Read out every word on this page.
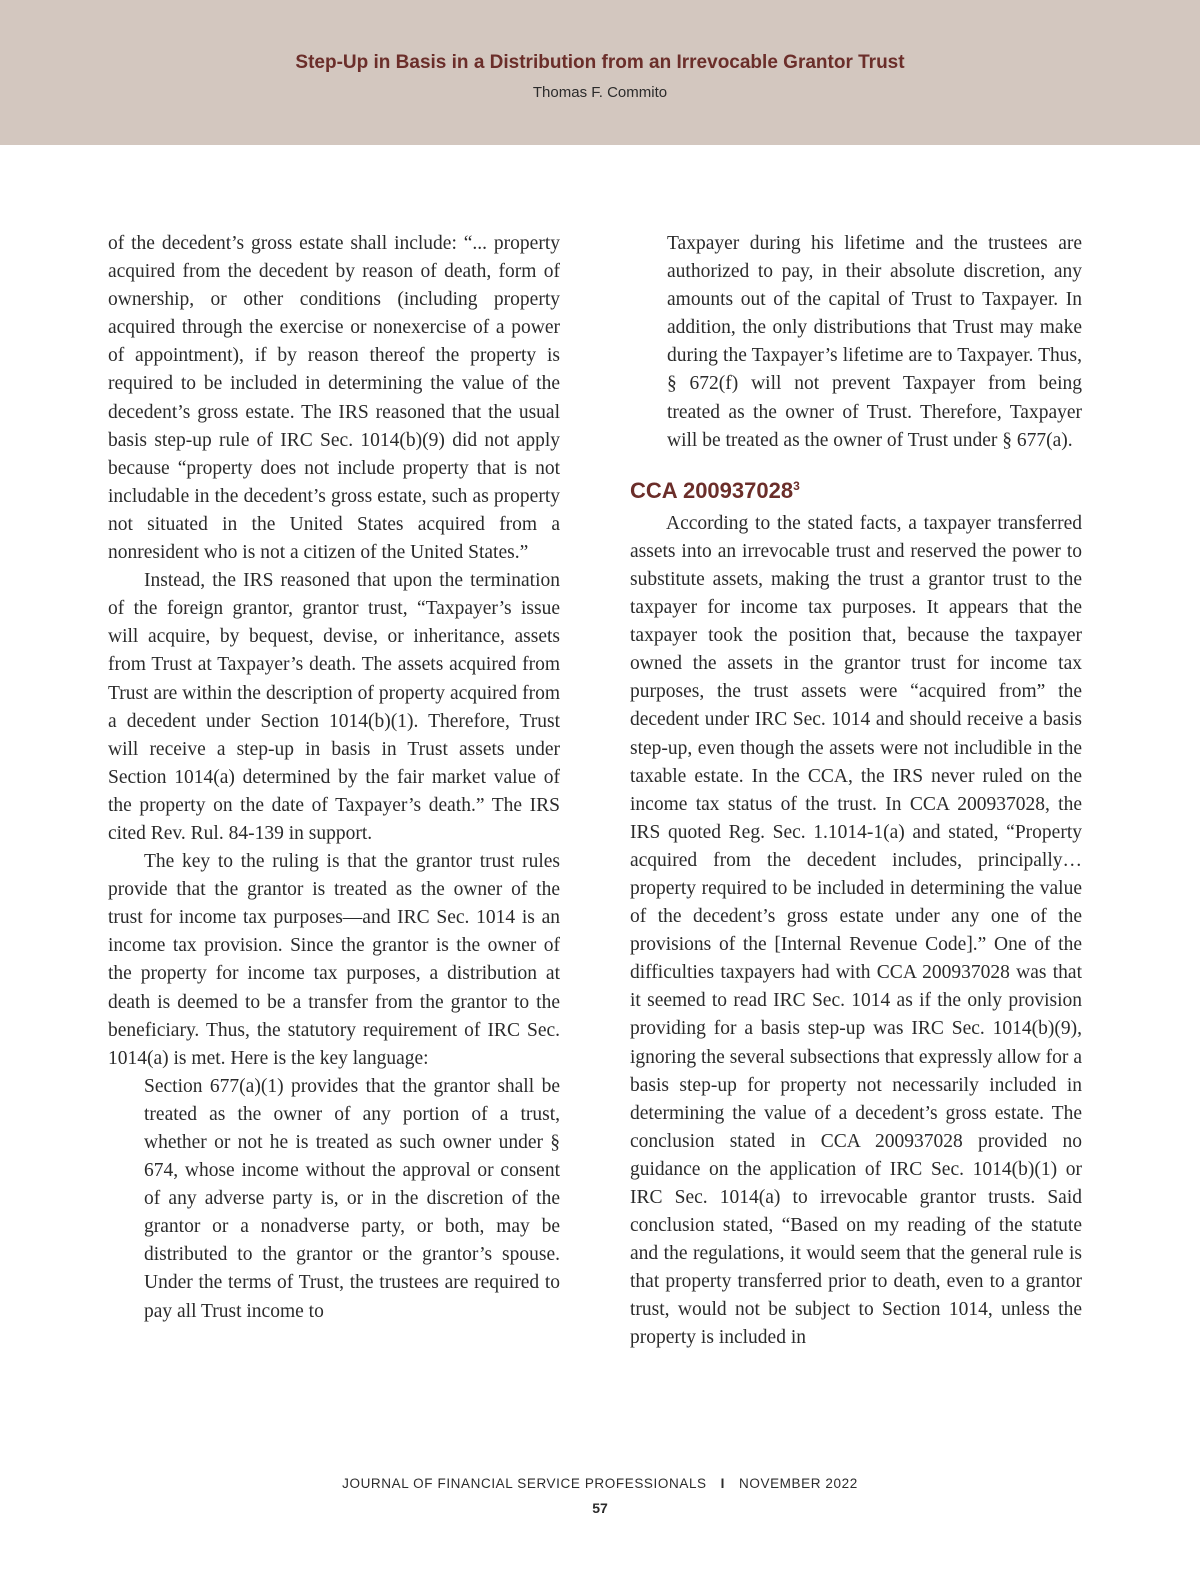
Step-Up in Basis in a Distribution from an Irrevocable Grantor Trust
Thomas F. Commito

of the decedent’s gross estate shall include: “... property acquired from the decedent by reason of death, form of ownership, or other conditions (including property acquired through the exercise or nonexercise of a power of appointment), if by reason thereof the property is required to be included in determining the value of the decedent’s gross estate. The IRS reasoned that the usual basis step-up rule of IRC Sec. 1014(b)(9) did not apply because “property does not include property that is not includable in the decedent’s gross estate, such as property not situated in the United States acquired from a nonresident who is not a citizen of the United States.”

Instead, the IRS reasoned that upon the termination of the foreign grantor, grantor trust, “Taxpayer’s issue will acquire, by bequest, devise, or inheritance, assets from Trust at Taxpayer’s death. The assets acquired from Trust are within the description of property acquired from a decedent under Section 1014(b)(1). Therefore, Trust will receive a step-up in basis in Trust assets under Section 1014(a) determined by the fair market value of the property on the date of Taxpayer’s death.” The IRS cited Rev. Rul. 84-139 in support.

The key to the ruling is that the grantor trust rules provide that the grantor is treated as the owner of the trust for income tax purposes—and IRC Sec. 1014 is an income tax provision. Since the grantor is the owner of the property for income tax purposes, a distribution at death is deemed to be a transfer from the grantor to the beneficiary. Thus, the statutory requirement of IRC Sec. 1014(a) is met. Here is the key language:

Section 677(a)(1) provides that the grantor shall be treated as the owner of any portion of a trust, whether or not he is treated as such owner under § 674, whose income without the approval or consent of any adverse party is, or in the discretion of the grantor or a nonadverse party, or both, may be distributed to the grantor or the grantor’s spouse. Under the terms of Trust, the trustees are required to pay all Trust income to

Taxpayer during his lifetime and the trustees are authorized to pay, in their absolute discretion, any amounts out of the capital of Trust to Taxpayer. In addition, the only distributions that Trust may make during the Taxpayer’s lifetime are to Taxpayer. Thus, § 672(f) will not prevent Taxpayer from being treated as the owner of Trust. Therefore, Taxpayer will be treated as the owner of Trust under § 677(a).

CCA 200937028$^3$

According to the stated facts, a taxpayer transferred assets into an irrevocable trust and reserved the power to substitute assets, making the trust a grantor trust to the taxpayer for income tax purposes. It appears that the taxpayer took the position that, because the taxpayer owned the assets in the grantor trust for income tax purposes, the trust assets were “acquired from” the decedent under IRC Sec. 1014 and should receive a basis step-up, even though the assets were not includible in the taxable estate. In the CCA, the IRS never ruled on the income tax status of the trust. In CCA 200937028, the IRS quoted Reg. Sec. 1.1014-1(a) and stated, “Property acquired from the decedent includes, principally…property required to be included in determining the value of the decedent’s gross estate under any one of the provisions of the [Internal Revenue Code].” One of the difficulties taxpayers had with CCA 200937028 was that it seemed to read IRC Sec. 1014 as if the only provision providing for a basis step-up was IRC Sec. 1014(b)(9), ignoring the several subsections that expressly allow for a basis step-up for property not necessarily included in determining the value of a decedent’s gross estate. The conclusion stated in CCA 200937028 provided no guidance on the application of IRC Sec. 1014(b)(1) or IRC Sec. 1014(a) to irrevocable grantor trusts. Said conclusion stated, “Based on my reading of the statute and the regulations, it would seem that the general rule is that property transferred prior to death, even to a grantor trust, would not be subject to Section 1014, unless the property is included in

JOURNAL OF FINANCIAL SERVICE PROFESSIONALS I NOVEMBER 2022
57
